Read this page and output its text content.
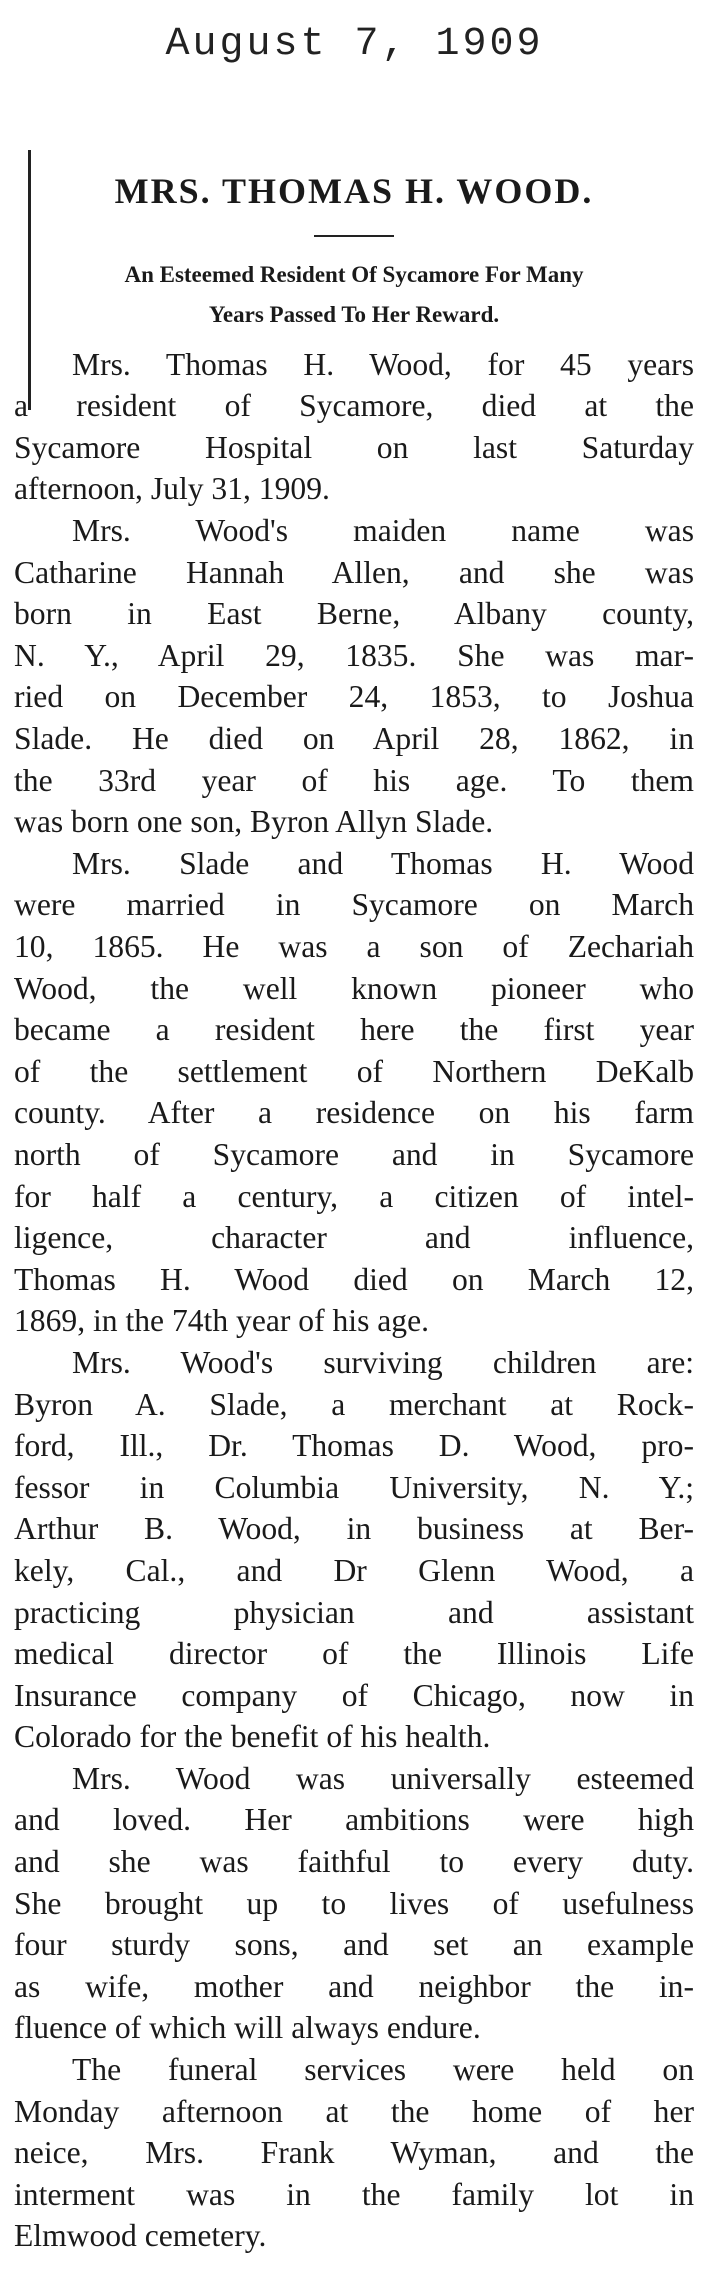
August 7, 1909
MRS. THOMAS H. WOOD.
An Esteemed Resident Of Sycamore For Many
Years Passed To Her Reward.
Mrs. Thomas H. Wood, for 45 years
a resident of Sycamore, died at the
Sycamore Hospital on last Saturday
afternoon, July 31, 1909.
Mrs. Wood's maiden name was
Catharine Hannah Allen, and she was
born in East Berne, Albany county,
N. Y., April 29, 1835. She was mar-
ried on December 24, 1853, to Joshua
Slade. He died on April 28, 1862, in
the 33rd year of his age. To them
was born one son, Byron Allyn Slade.
Mrs. Slade and Thomas H. Wood
were married in Sycamore on March
10, 1865. He was a son of Zechariah
Wood, the well known pioneer who
became a resident here the first year
of the settlement of Northern DeKalb
county. After a residence on his farm
north of Sycamore and in Sycamore
for half a century, a citizen of intel-
ligence, character and influence,
Thomas H. Wood died on March 12,
1869, in the 74th year of his age.
Mrs. Wood's surviving children are:
Byron A. Slade, a merchant at Rock-
ford, Ill., Dr. Thomas D. Wood, pro-
fessor in Columbia University, N. Y.;
Arthur B. Wood, in business at Ber-
kely, Cal., and Dr Glenn Wood, a
practicing physician and assistant
medical director of the Illinois Life
Insurance company of Chicago, now in
Colorado for the benefit of his health.
Mrs. Wood was universally esteemed
and loved. Her ambitions were high
and she was faithful to every duty.
She brought up to lives of usefulness
four sturdy sons, and set an example
as wife, mother and neighbor the in-
fluence of which will always endure.
The funeral services were held on
Monday afternoon at the home of her
neice, Mrs. Frank Wyman, and the
interment was in the family lot in
Elmwood cemetery.
